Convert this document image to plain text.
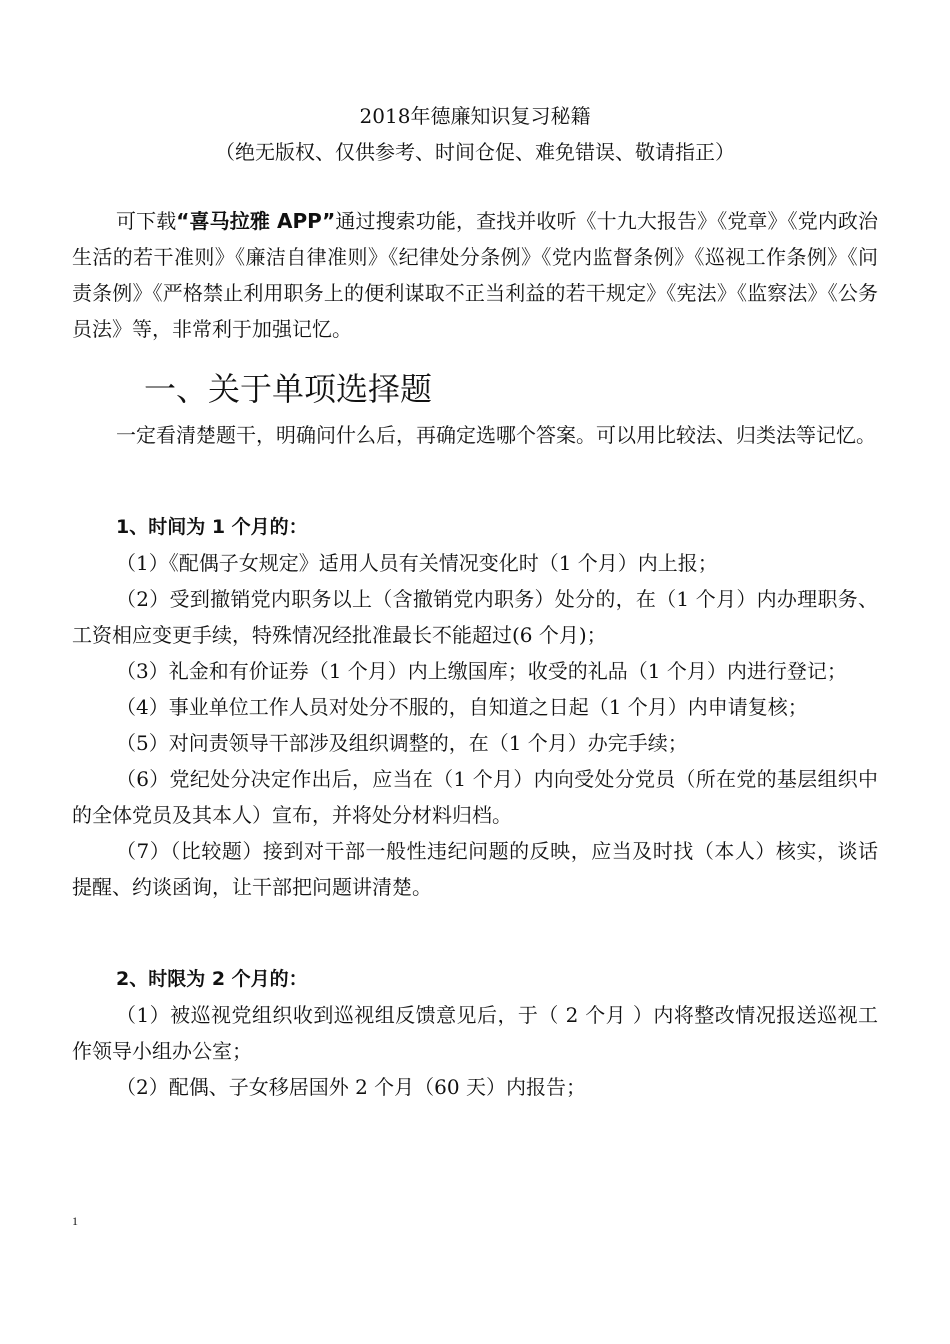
2018年德廉知识复习秘籍
（绝无版权、仅供参考、时间仓促、难免错误、敬请指正）

可下载“喜马拉雅 APP”通过搜索功能，查找并收听《十九大报告》《党章》《党内政治生活的若干准则》《廉洁自律准则》《纪律处分条例》《党内监督条例》《巡视工作条例》《问责条例》《严格禁止利用职务上的便利谋取不正当利益的若干规定》《宪法》《监察法》《公务员法》等，非常利于加强记忆。

一、关于单项选择题

一定看清楚题干，明确问什么后，再确定选哪个答案。可以用比较法、归类法等记忆。

1、时间为 1 个月的：

（1）《配偶子女规定》适用人员有关情况变化时（1 个月）内上报；

（2）受到撤销党内职务以上（含撤销党内职务）处分的，在（1 个月）内办理职务、工资相应变更手续，特殊情况经批准最长不能超过(6 个月)；

（3）礼金和有价证券（1 个月）内上缴国库；收受的礼品（1 个月）内进行登记；

（4）事业单位工作人员对处分不服的，自知道之日起（1 个月）内申请复核；

（5）对问责领导干部涉及组织调整的，在（1 个月）办完手续；

（6）党纪处分决定作出后，应当在（1 个月）内向受处分党员（所在党的基层组织中的全体党员及其本人）宣布，并将处分材料归档。

（7）（比较题）接到对干部一般性违纪问题的反映，应当及时找（本人）核实，谈话提醒、约谈函询，让干部把问题讲清楚。

2、时限为 2 个月的：

（1）被巡视党组织收到巡视组反馈意见后，于（ 2 个月 ）内将整改情况报送巡视工作领导小组办公室；

（2）配偶、子女移居国外 2 个月（60 天）内报告；

1
